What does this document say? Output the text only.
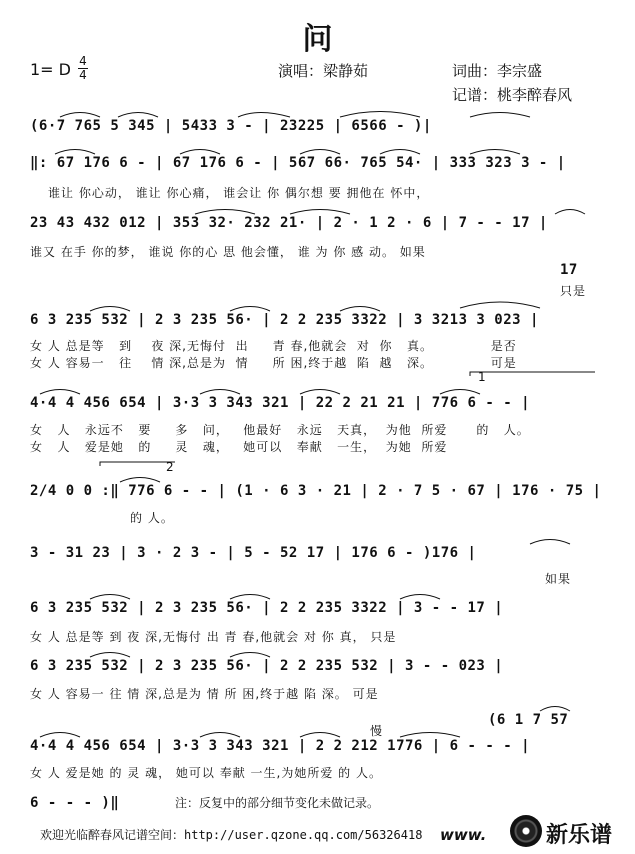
问
1= D 4
4	演唱：梁静茹	词曲：李宗盛
记谱：桃李醉春风
(6·7 765 5 345 | 5433 3 - | 23225 | 6566 - )|
‖: 67 176 6 - | 67 176 6 - | 567 66· 765 54· | 333 323 3 - |
谁让 你心动， 谁让 你心痛， 谁会让 你 偶尔想 要 拥他在 怀中，
23 43 432 012 | 353 32· 232 21· | 2 · 1 2 · 6 | 7 - - 17 |
谁又 在手 你的梦， 谁说 你的心 思 他会懂， 谁 为 你 感 动。 如果
17
只是
6 3 235 532 | 2 3 235 56· | 2 2 235 3322 | 3 3213 3 023 |
女 人 总是等   到    夜 深,无悔付  出     青 春,他就会  对  你   真。            是否
女 人 容易一   往    情 深,总是为  情     所 困,终于越  陷  越   深。            可是
4·4 4 456 654 | 3·3 3 343 321 | 22 2 21 21 | 776 6 - - |
1
女   人   永远不   要     多   问，   他最好   永远   天真，  为他  所爱      的   人。
女   人   爱是她   的     灵   魂，   她可以   奉献   一生，  为她  所爱
2/4 0 0 :‖ 776 6 - - | (1 · 6 3 · 21 | 2 · 7 5 · 67 | 176 · 75 |
2
的 人。
3 - 31 23 | 3 · 2 3 - | 5 - 52 17 | 176 6 - )176 |
如果
6 3 235 532 | 2 3 235 56· | 2 2 235 3322 | 3 - - 17 |
女 人 总是等 到 夜 深,无悔付 出 青 春,他就会 对 你 真， 只是
6 3 235 532 | 2 3 235 56· | 2 2 235 532 | 3 - - 023 |
女 人 容易一 往 情 深,总是为 情 所 困,终于越 陷 深。 可是
(6 1 7 57
慢
4·4 4 456 654 | 3·3 3 343 321 | 2 2 212 1776 | 6 - - - |
女 人 爱是她 的 灵 魂， 她可以 奉献 一生,为她所爱 的 人。
6 - - - )‖	注：反复中的部分细节变化未做记录。
欢迎光临醉春风记谱空间：http://user.qzone.qq.com/56326418 www.	新乐谱
